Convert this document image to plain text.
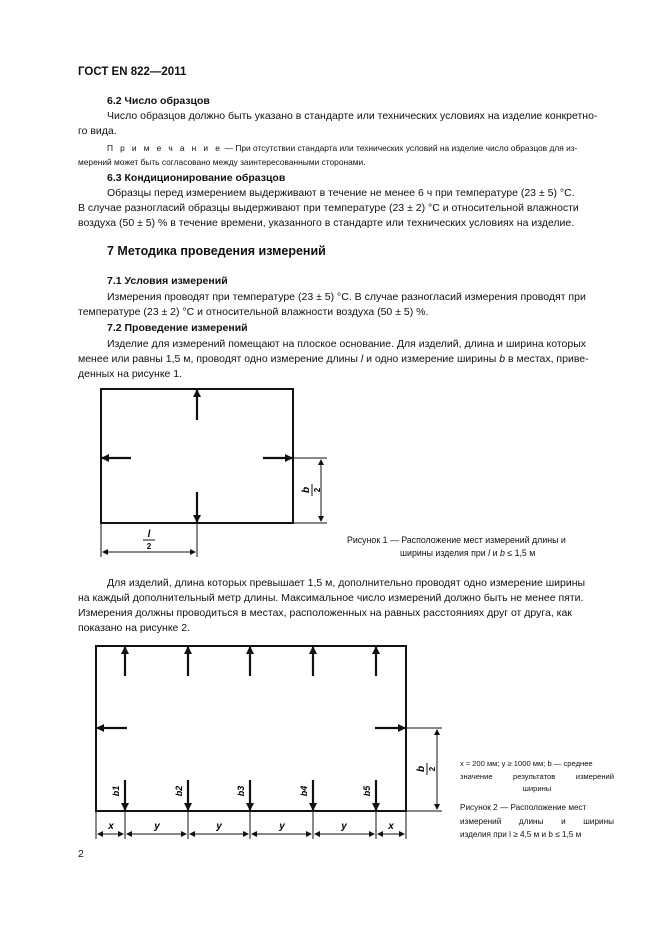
ГОСТ EN 822—2011
6.2 Число образцов
Число образцов должно быть указано в стандарте или технических условиях на изделие конкретно-
го вида.
П р и м е ч а н и е — При отсутствии стандарта или технических условий на изделие число образцов для из-
мерений может быть согласовано между заинтересованными сторонами.
6.3 Кондиционирование образцов
Образцы перед измерением выдерживают в течение не менее 6 ч при температуре (23 ± 5) °С.
В случае разногласий образцы выдерживают при температуре (23 ± 2) °С и относительной влажности
воздуха (50 ± 5) % в течение времени, указанного в стандарте или технических условиях на изделие.
7 Методика проведения измерений
7.1 Условия измерений
Измерения проводят при температуре (23 ± 5) °С. В случае разногласий измерения проводят при
температуре (23 ± 2) °С и относительной влажности воздуха (50 ± 5) %.
7.2 Проведение измерений
Изделие для измерений помещают на плоское основание. Для изделий, длина и ширина которых
менее или равны 1,5 м, проводят одно измерение длины l и одно измерение ширины b в местах, приве-
денных на рисунке 1.
l
2
b 2
Рисунок 1 — Расположение мест измерений длины и
ширины изделия при l и b ≤ 1,5 м
Для изделий, длина которых превышает 1,5 м, дополнительно проводят одно измерение ширины
на каждый дополнительный метр длины. Максимальное число измерений должно быть не менее пяти.
Измерения должны проводиться в местах, расположенных на равных расстояниях друг от друга, как
показано на рисунке 2.
b1	b2	b3	b4	b5
x	y	y	y	y	x
b 2
x ≈ 200 мм; y ≥ 1000 мм; b — среднее
значение результатов измерений
ширины
Рисунок 2 — Расположение мест
измерений длины и ширины
изделия при l ≥ 4,5 м и b ≤ 1,5 м
2
